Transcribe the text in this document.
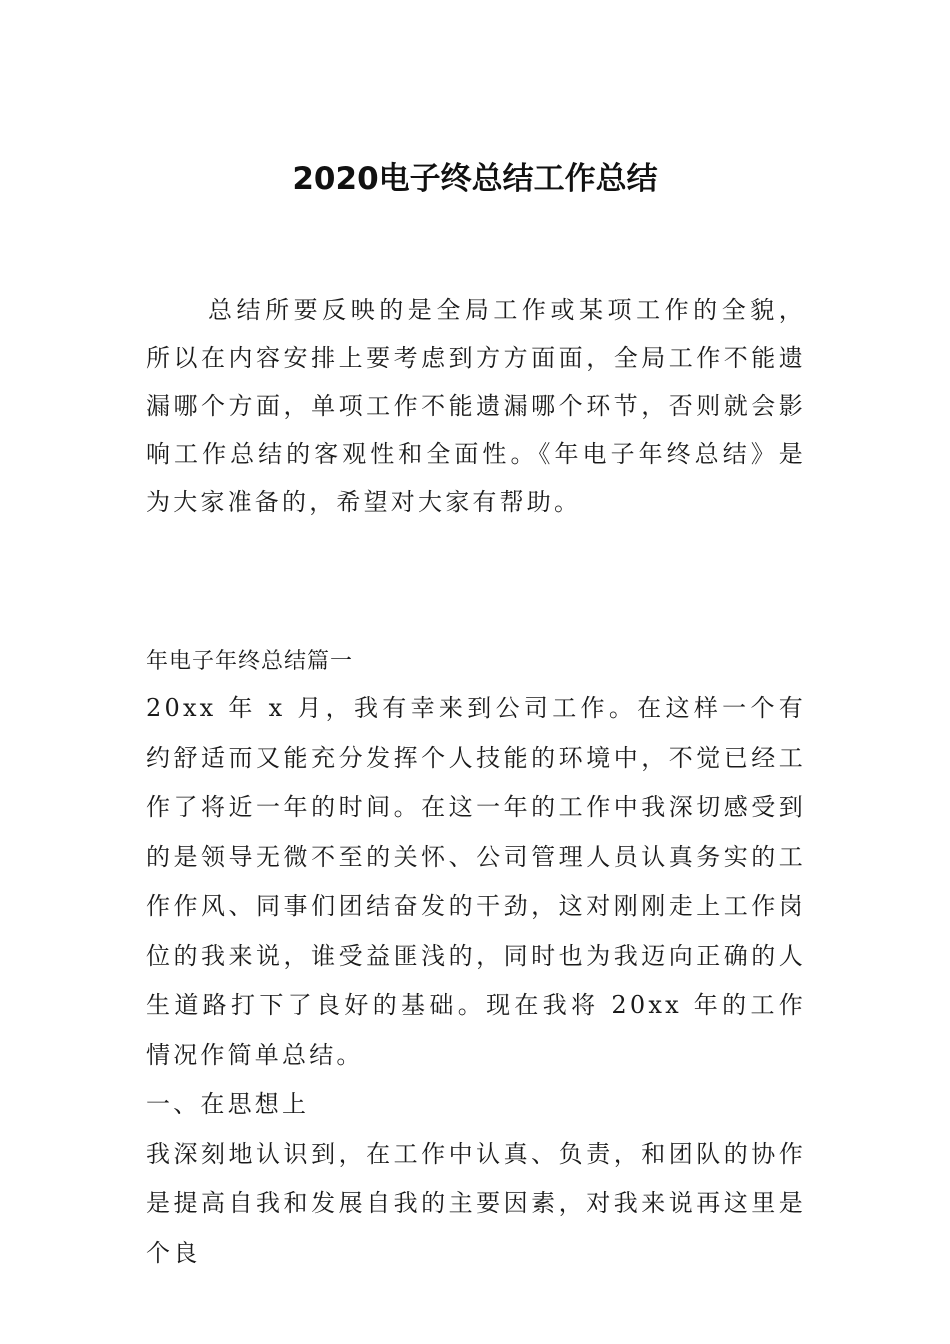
2020电子终总结工作总结

总结所要反映的是全局工作或某项工作的全貌，所以在内容安排上要考虑到方方面面，全局工作不能遗漏哪个方面，单项工作不能遗漏哪个环节，否则就会影响工作总结的客观性和全面性。《年电子年终总结》是为大家准备的，希望对大家有帮助。

年电子年终总结篇一

20xx 年 x 月，我有幸来到公司工作。在这样一个有约舒适而又能充分发挥个人技能的环境中，不觉已经工作了将近一年的时间。在这一年的工作中我深切感受到的是领导无微不至的关怀、公司管理人员认真务实的工作作风、同事们团结奋发的干劲，这对刚刚走上工作岗位的我来说，谁受益匪浅的，同时也为我迈向正确的人生道路打下了良好的基础。现在我将 20xx 年的工作情况作简单总结。

一、在思想上

我深刻地认识到，在工作中认真、负责，和团队的协作是提高自我和发展自我的主要因素，对我来说再这里是个良
